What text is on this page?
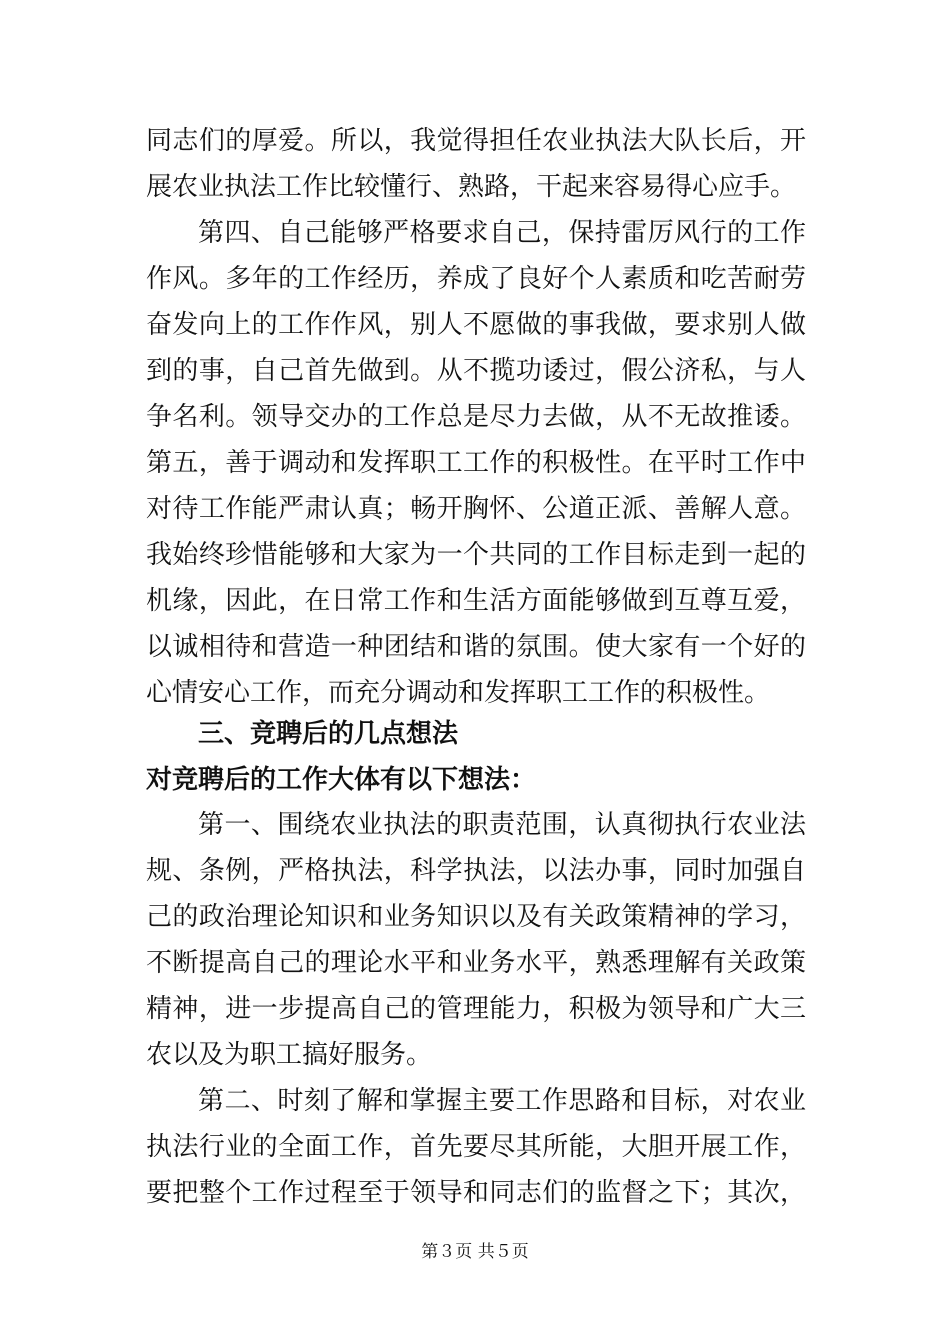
同志们的厚爱。所以，我觉得担任农业执法大队长后，开
展农业执法工作比较懂行、熟路，干起来容易得心应手。
第四、自己能够严格要求自己，保持雷厉风行的工作
作风。多年的工作经历，养成了良好个人素质和吃苦耐劳
奋发向上的工作作风，别人不愿做的事我做，要求别人做
到的事，自己首先做到。从不揽功诿过，假公济私，与人
争名利。领导交办的工作总是尽力去做，从不无故推诿。
第五，善于调动和发挥职工工作的积极性。在平时工作中
对待工作能严肃认真；畅开胸怀、公道正派、善解人意。
我始终珍惜能够和大家为一个共同的工作目标走到一起的
机缘，因此，在日常工作和生活方面能够做到互尊互爱，
以诚相待和营造一种团结和谐的氛围。使大家有一个好的
心情安心工作，而充分调动和发挥职工工作的积极性。
三、竞聘后的几点想法
对竞聘后的工作大体有以下想法：
第一、围绕农业执法的职责范围，认真彻执行农业法
规、条例，严格执法，科学执法，以法办事，同时加强自
己的政治理论知识和业务知识以及有关政策精神的学习，
不断提高自己的理论水平和业务水平，熟悉理解有关政策
精神，进一步提高自己的管理能力，积极为领导和广大三
农以及为职工搞好服务。
第二、时刻了解和掌握主要工作思路和目标，对农业
执法行业的全面工作，首先要尽其所能，大胆开展工作，
要把整个工作过程至于领导和同志们的监督之下；其次，
第３页 共５页
